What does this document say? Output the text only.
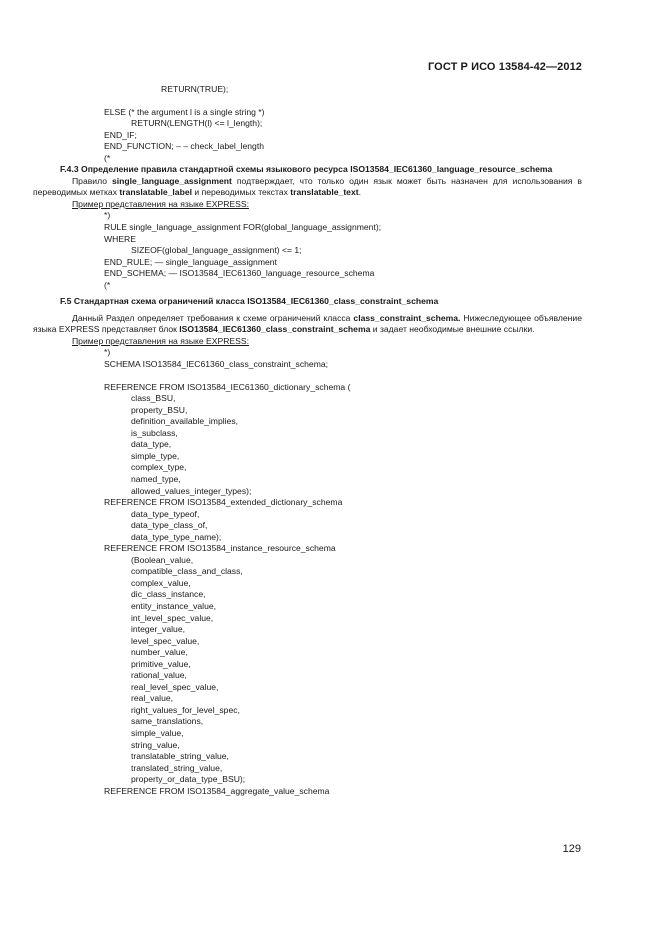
ГОСТ Р ИСО 13584-42—2012
RETURN(TRUE);
ELSE (* the argument l is a single string *)
RETURN(LENGTH(l) <= l_length);
END_IF;
END_FUNCTION; – – check_label_length
(*

F.4.3 Определение правила стандартной схемы языкового ресурса ISO13584_IEC61360_language_resource_schema

Правило single_language_assignment подтверждает, что только один язык может быть назначен для использования в переводимых метках translatable_label и переводимых текстах translatable_text.

Пример представления на языке EXPRESS:
*)
RULE single_language_assignment FOR(global_language_assignment);
WHERE
SIZEOF(global_language_assignment) <= 1;
END_RULE; — single_language_assignment
END_SCHEMA; — ISO13584_IEC61360_language_resource_schema
(*

F.5 Стандартная схема ограничений класса ISO13584_IEC61360_class_constraint_schema

Данный Раздел определяет требования к схеме ограничений класса class_constraint_schema. Нижеследующее объявление языка EXPRESS представляет блок ISO13584_IEC61360_class_constraint_schema и задает необходимые внешние ссылки.

Пример представления на языке EXPRESS:
*)
SCHEMA ISO13584_IEC61360_class_constraint_schema;
REFERENCE FROM ISO13584_IEC61360_dictionary_schema (
class_BSU,
property_BSU,
definition_available_implies,
is_subclass,
data_type,
simple_type,
complex_type,
named_type,
allowed_values_integer_types);
REFERENCE FROM ISO13584_extended_dictionary_schema
data_type_typeof,
data_type_class_of,
data_type_type_name);
REFERENCE FROM ISO13584_instance_resource_schema
(Boolean_value,
compatible_class_and_class,
complex_value,
dic_class_instance,
entity_instance_value,
int_level_spec_value,
integer_value,
level_spec_value,
number_value,
primitive_value,
rational_value,
real_level_spec_value,
real_value,
right_values_for_level_spec,
same_translations,
simple_value,
string_value,
translatable_string_value,
translated_string_value,
property_or_data_type_BSU);
REFERENCE FROM ISO13584_aggregate_value_schema
129
